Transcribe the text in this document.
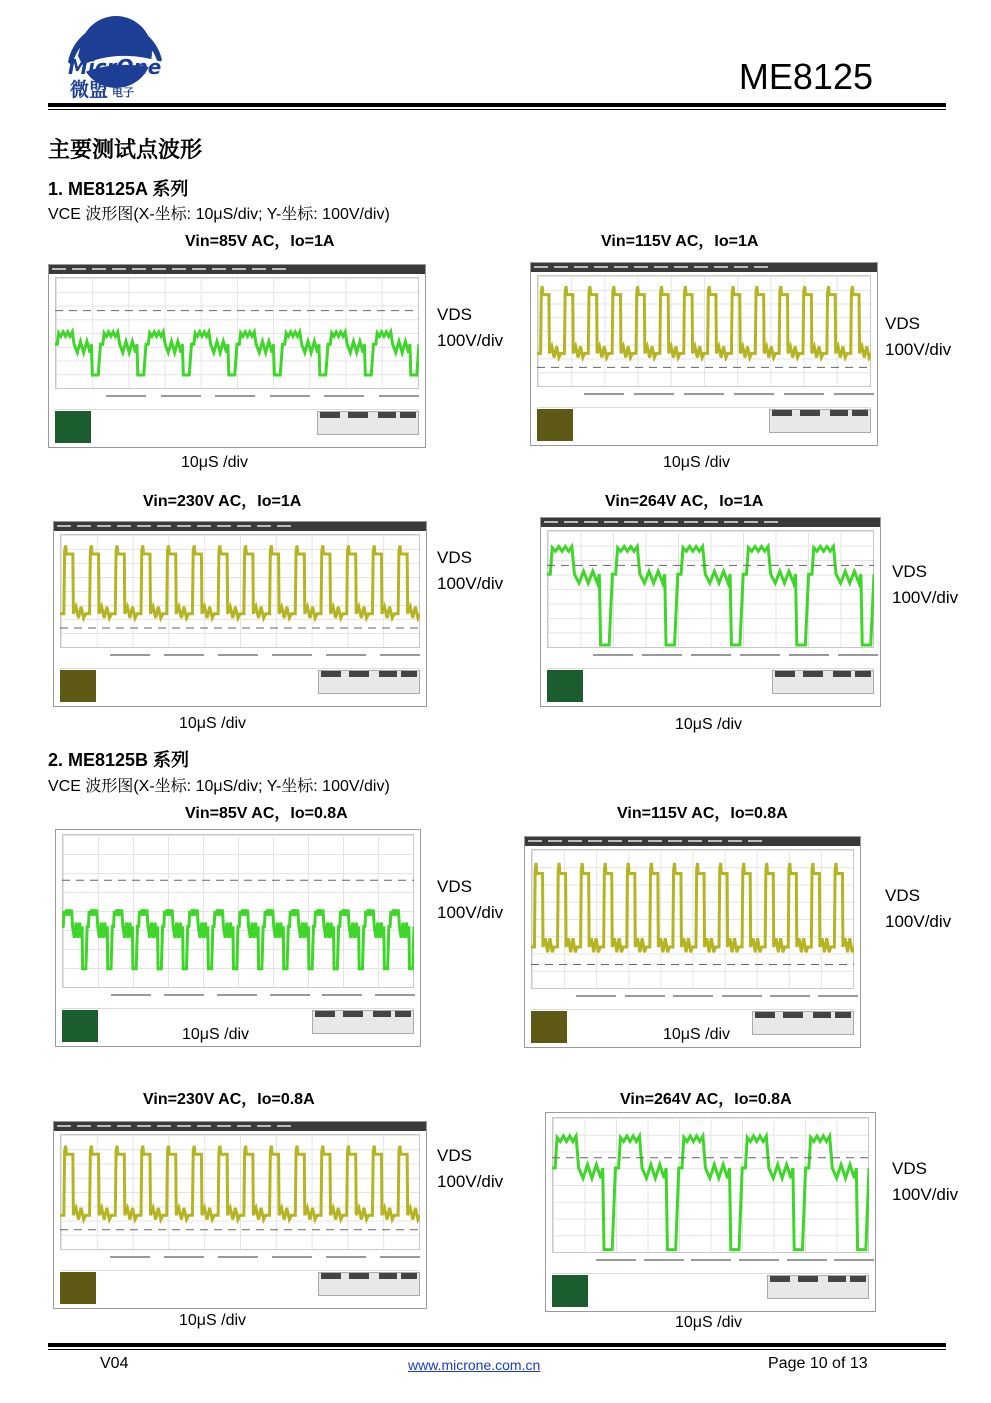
MicrOne
微盟 电子	ME8125
主要测试点波形
1. ME8125A 系列
VCE 波形图(X-坐标: 10μS/div; Y-坐标: 100V/div)
Vin=85V AC，Io=1A	Vin=115V AC，Io=1A
VDS
100V/div
VDS
100V/div
10μS /div	10μS /div
Vin=230V AC，Io=1A	Vin=264V AC，Io=1A
VDS
100V/div
VDS
100V/div
10μS /div	10μS /div
2. ME8125B 系列
VCE 波形图(X-坐标: 10μS/div; Y-坐标: 100V/div)
Vin=85V AC，Io=0.8A	Vin=115V AC，Io=0.8A
VDS
100V/div
VDS
100V/div
10μS /div	10μS /div
Vin=230V AC，Io=0.8A	Vin=264V AC，Io=0.8A
VDS
100V/div
VDS
100V/div
10μS /div	10μS /div
V04	www.microne.com.cn	Page 10 of 13
